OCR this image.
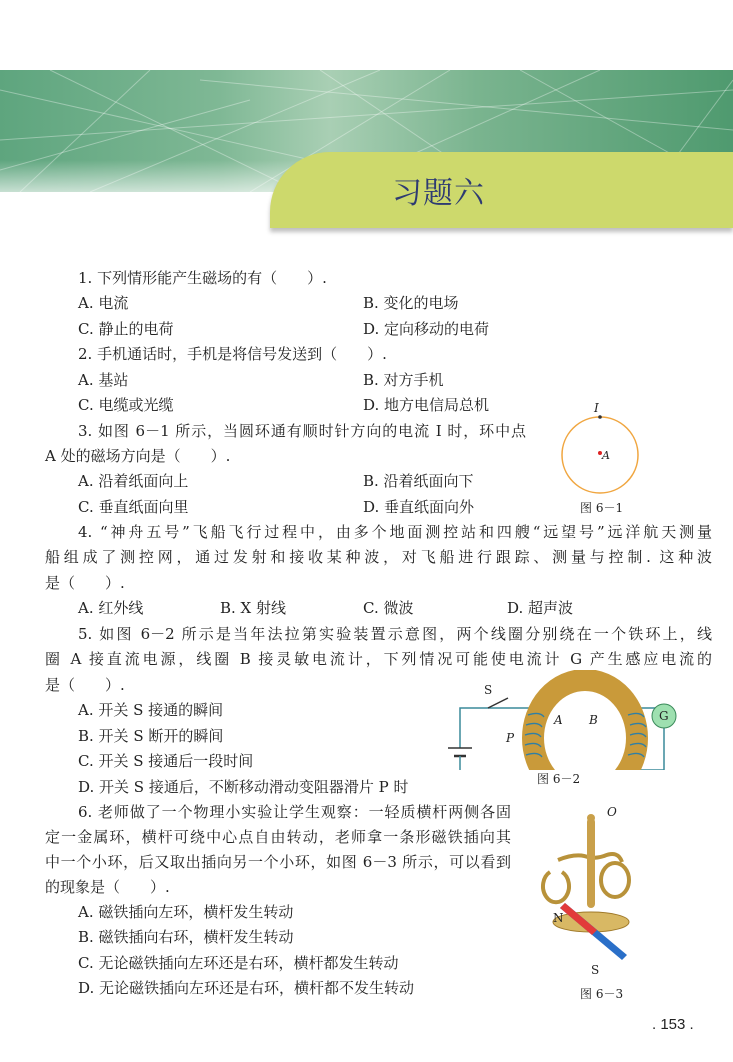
习题六
1. 下列情形能产生磁场的有（　　）.
A. 电流	B. 变化的电场
C. 静止的电荷	D. 定向移动的电荷
2. 手机通话时，手机是将信号发送到（　　）.
A. 基站	B. 对方手机
C. 电缆或光缆	D. 地方电信局总机
3. 如图 6－1 所示，当圆环通有顺时针方向的电流 I 时，环中点
A 处的磁场方向是（　　）.
A. 沿着纸面向上	B. 沿着纸面向下
C. 垂直纸面向里	D. 垂直纸面向外
I
A
图 6－1
4. “神舟五号”飞船飞行过程中，由多个地面测控站和四艘“远望号”远洋航天测量
船组成了测控网，通过发射和接收某种波，对飞船进行跟踪、测量与控制. 这种波
是（　　）.
A. 红外线	B. X 射线	C. 微波	D. 超声波
5. 如图 6－2 所示是当年法拉第实验装置示意图，两个线圈分别绕在一个铁环上，线
圈 A 接直流电源，线圈 B 接灵敏电流计，下列情况可能使电流计 G 产生感应电流的
是（　　）.
A. 开关 S 接通的瞬间
B. 开关 S 断开的瞬间
C. 开关 S 接通后一段时间
D. 开关 S 接通后，不断移动滑动变阻器滑片 P 时
S
A B	G
P
图 6－2
6. 老师做了一个物理小实验让学生观察：一轻质横杆两侧各固
定一金属环，横杆可绕中心点自由转动，老师拿一条形磁铁插向其
中一个小环，后又取出插向另一个小环，如图 6－3 所示，可以看到
的现象是（　　）.
A. 磁铁插向左环，横杆发生转动
B. 磁铁插向右环，横杆发生转动
C. 无论磁铁插向左环还是右环，横杆都发生转动
D. 无论磁铁插向左环还是右环，横杆都不发生转动
O
N
S
图 6－3
. 153 .
